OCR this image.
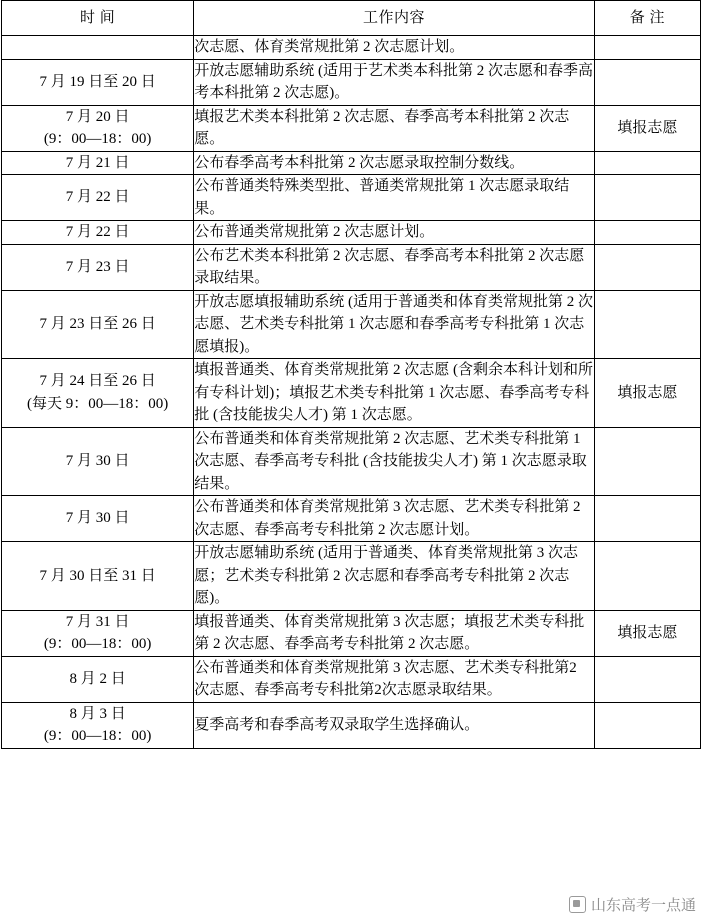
时 间	工作内容	备 注

	次志愿、体育类常规批第 2 次志愿计划。	
7 月 19 日至 20 日	开放志愿辅助系统 (适用于艺术类本科批第 2 次志愿和春季高考本科批第 2 次志愿)。	
7 月 20 日
(9：00—18：00)	填报艺术类本科批第 2 次志愿、春季高考本科批第 2 次志愿。	填报志愿
7 月 21 日	公布春季高考本科批第 2 次志愿录取控制分数线。	
7 月 22 日	公布普通类特殊类型批、普通类常规批第 1 次志愿录取结果。	
7 月 22 日	公布普通类常规批第 2 次志愿计划。	
7 月 23 日	公布艺术类本科批第 2 次志愿、春季高考本科批第 2 次志愿录取结果。	
7 月 23 日至 26 日	开放志愿填报辅助系统 (适用于普通类和体育类常规批第 2 次志愿、艺术类专科批第 1 次志愿和春季高考专科批第 1 次志愿填报)。	
7 月 24 日至 26 日
(每天 9：00—18：00)	填报普通类、体育类常规批第 2 次志愿 (含剩余本科计划和所有专科计划)；填报艺术类专科批第 1 次志愿、春季高考专科批 (含技能拔尖人才) 第 1 次志愿。	填报志愿
7 月 30 日	公布普通类和体育类常规批第 2 次志愿、艺术类专科批第 1 次志愿、春季高考专科批 (含技能拔尖人才) 第 1 次志愿录取结果。	
7 月 30 日	公布普通类和体育类常规批第 3 次志愿、艺术类专科批第 2 次志愿、春季高考专科批第 2 次志愿计划。	
7 月 30 日至 31 日	开放志愿辅助系统 (适用于普通类、体育类常规批第 3 次志愿；艺术类专科批第 2 次志愿和春季高考专科批第 2 次志愿)。	
7 月 31 日
(9：00—18：00)	填报普通类、体育类常规批第 3 次志愿；填报艺术类专科批第 2 次志愿、春季高考专科批第 2 次志愿。	填报志愿
8 月 2 日	公布普通类和体育类常规批第 3 次志愿、艺术类专科批第2 次志愿、春季高考专科批第2次志愿录取结果。	
8 月 3 日
(9：00—18：00)	夏季高考和春季高考双录取学生选择确认。	
山东高考一点通
